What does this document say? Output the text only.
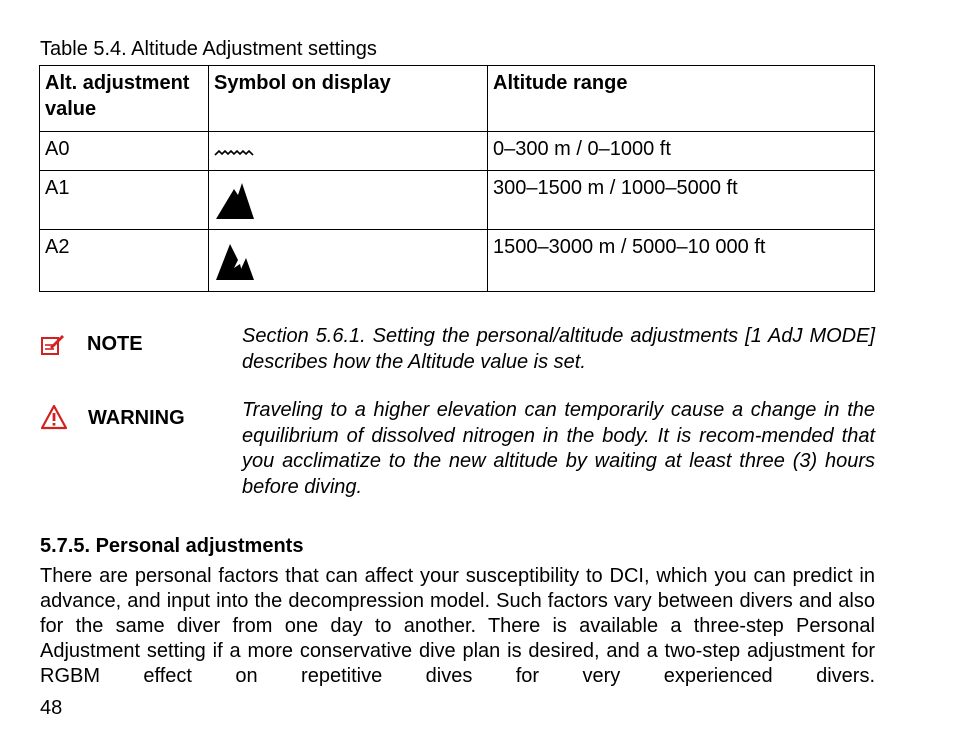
Table 5.4. Altitude Adjustment settings
Alt. adjustment value	Symbol on display	Altitude range
A0		0–300 m / 0–1000 ft
A1		300–1500 m / 1000–5000 ft
A2		1500–3000 m / 5000–10 000 ft
NOTE	Section 5.6.1. Setting the personal/altitude adjustments [1 AdJ MODE] describes how the Altitude value is set.
WARNING	Traveling to a higher elevation can temporarily cause a change in the equilibrium of dissolved nitrogen in the body. It is recom-mended that you acclimatize to the new altitude by waiting at least three (3) hours before diving.
5.7.5. Personal adjustments
There are personal factors that can affect your susceptibility to DCI, which you can predict in advance, and input into the decompression model. Such factors vary between divers and also for the same diver from one day to another. There is available a three-step Personal Adjustment setting if a more conservative dive plan is desired, and a two-step adjustment for RGBM effect on repetitive dives for very experienced divers.
48
